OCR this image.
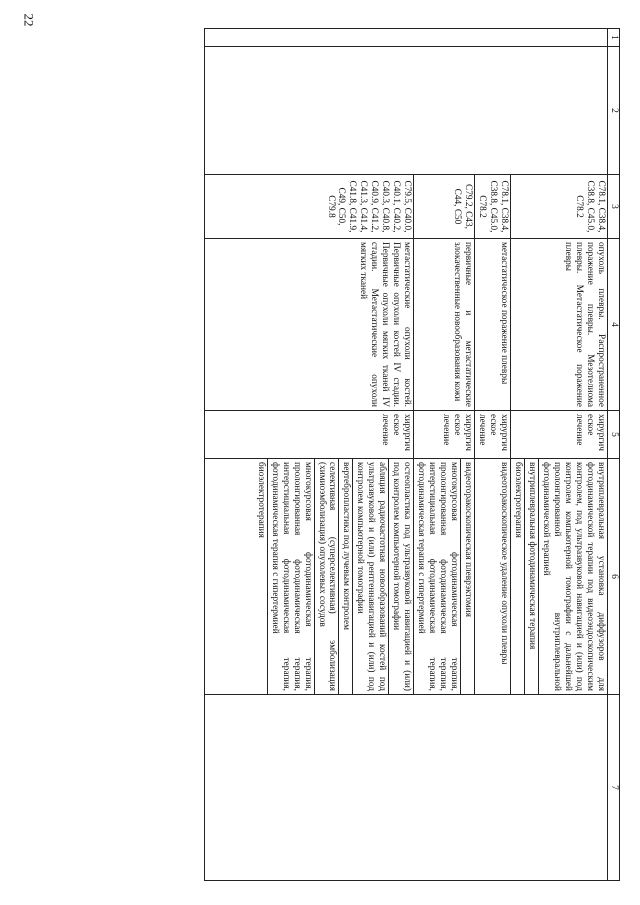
22
1	2	3	4	5	6	7
		C78.1, C38.4, C38.8, C45.0, C78.2	опухоль плевры. Распространенное поражение плевры. Мезотелиома плевры. Метастатическое поражение плевры	хирургическое лечение	внутриплевральная установка диффузоров для фотодинамической терапии под видеоэндоскопическим контролем, под ультразвуковой навигацией и (или) под контролем компьютерной томографии с дальнейшей пролонгированной внутриплевральной фотодинамической терапией	
					внутриплевральная фотодинамическая терапия	
					биоэлектротерапия	
		C78.1, C38.4, C38.8, C45.0, C78.2	метастатическое поражение плевры	хирургическое лечение	видеоторакоскопическое удаление опухоли плевры	
		C79.2, C43, C44, C50	первичные и метастатические злокачественные новообразования кожи	хирургическое лечение	видеоторакоскопическая плеврэктомия	
					многокурсовая фотодинамическая терапия, пролонгированная фотодинамическая терапия, интерстициальная фотодинамическая терапия, фотодинамическая терапия с гипертермией	
		C79.5, C40.0, C40.1, C40.2, C40.3, C40.8, C40.9, C41.2, C41.3, C41.4, C41.8, C41.9, C49, C50, C79.8	метастатические опухоли костей. Первичные опухоли костей IV стадии. Первичные опухоли мягких тканей IV стадии. Метастатические опухоли мягких тканей	хирургическое лечение	остеопластика под ультразвуковой навигацией и (или) под контролем компьютерной томографии	
					абляция радиочастотная новообразований костей под ультразвуковой и (или) рентгеннавигацией и (или) под контролем компьютерной томографии	
					вертебропластика под лучевым контролем	
					селективная (суперселективная) эмболизация (химиоэмболизация) опухолевых сосудов	
					многокурсовая фотодинамическая терапия, пролонгированная фотодинамическая терапия, интерстициальная фотодинамическая терапия, фотодинамическая терапия с гипертермией	
					биоэлектротерапия	
